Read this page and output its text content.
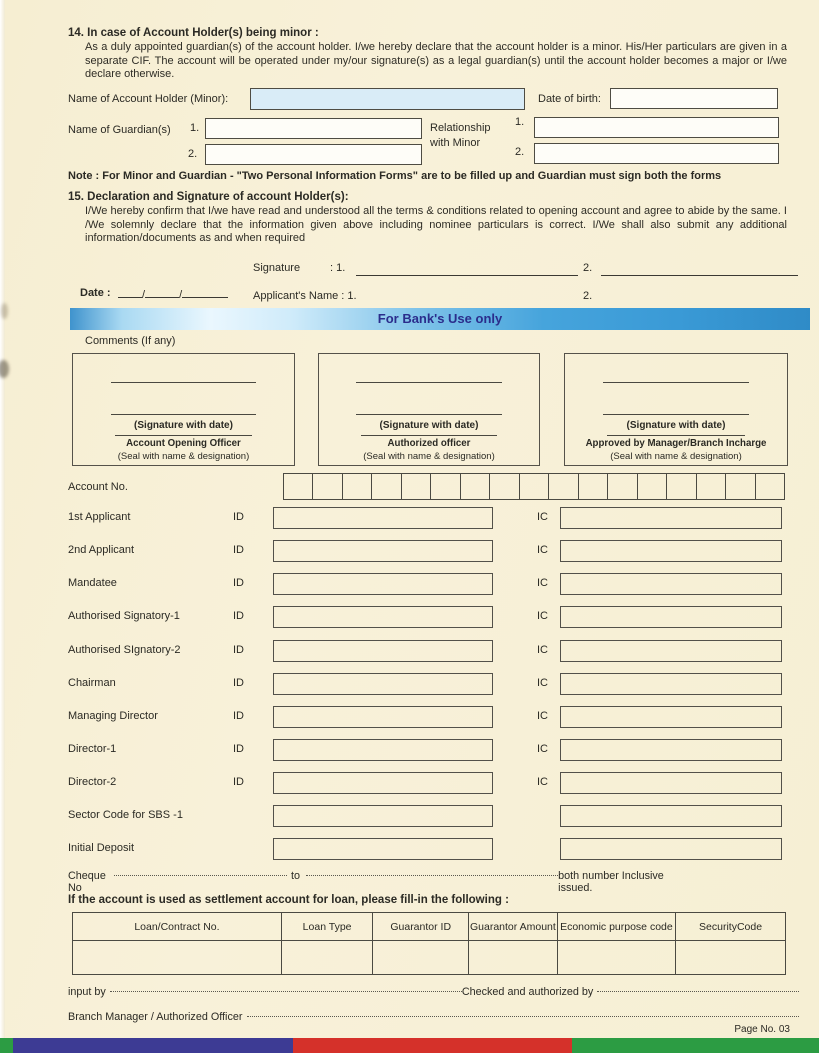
14. In case of Account Holder(s) being minor :
As a duly appointed guardian(s) of the account holder. I/we hereby declare that the account holder is a minor. His/Her particulars are given in a separate CIF. The account will be operated under my/our signature(s) as a legal guardian(s) until the account holder becomes a major or I/we declare otherwise.
Name of Account Holder (Minor):	Date of birth:
Name of Guardian(s) 1.
2.
Relationship
with Minor
1.
2.
Note : For Minor and Guardian - "Two Personal Information Forms" are to be filled up and Guardian must sign both the forms
15. Declaration and Signature of account Holder(s):
I/We hereby confirm that I/we have read and understood all the terms & conditions related to opening account and agree to abide by the same. I /We solemnly declare that the information given above including nominee particulars is correct. I/We shall also submit any additional information/documents as and when required
Signature	: 1.	2.
Date :	/	/	Applicant's Name : 1.	2.
For Bank's Use only
Comments (If any)
(Signature with date)
Account Opening Officer
(Seal with name & designation)
(Signature with date)
Authorized officer
(Seal with name & designation)
(Signature with date)
Approved by Manager/Branch Incharge
(Seal with name & designation)
Account No.
1st Applicant	ID	IC
2nd Applicant	ID	IC
Mandatee	ID	IC
Authorised Signatory-1	ID	IC
Authorised SIgnatory-2	ID	IC
Chairman	ID	IC
Managing Director	ID	IC
Director-1	ID	IC
Director-2	ID	IC
Sector Code for SBS -1
Initial Deposit
Cheque No
to	both number Inclusive issued.
If the account is used as settlement account for loan, please fill-in the following :
Loan/Contract No.	Loan Type	Guarantor ID	Guarantor Amount	Economic purpose code	SecurityCode

input by	Checked and authorized by
Branch Manager / Authorized Officer
Page No. 03
